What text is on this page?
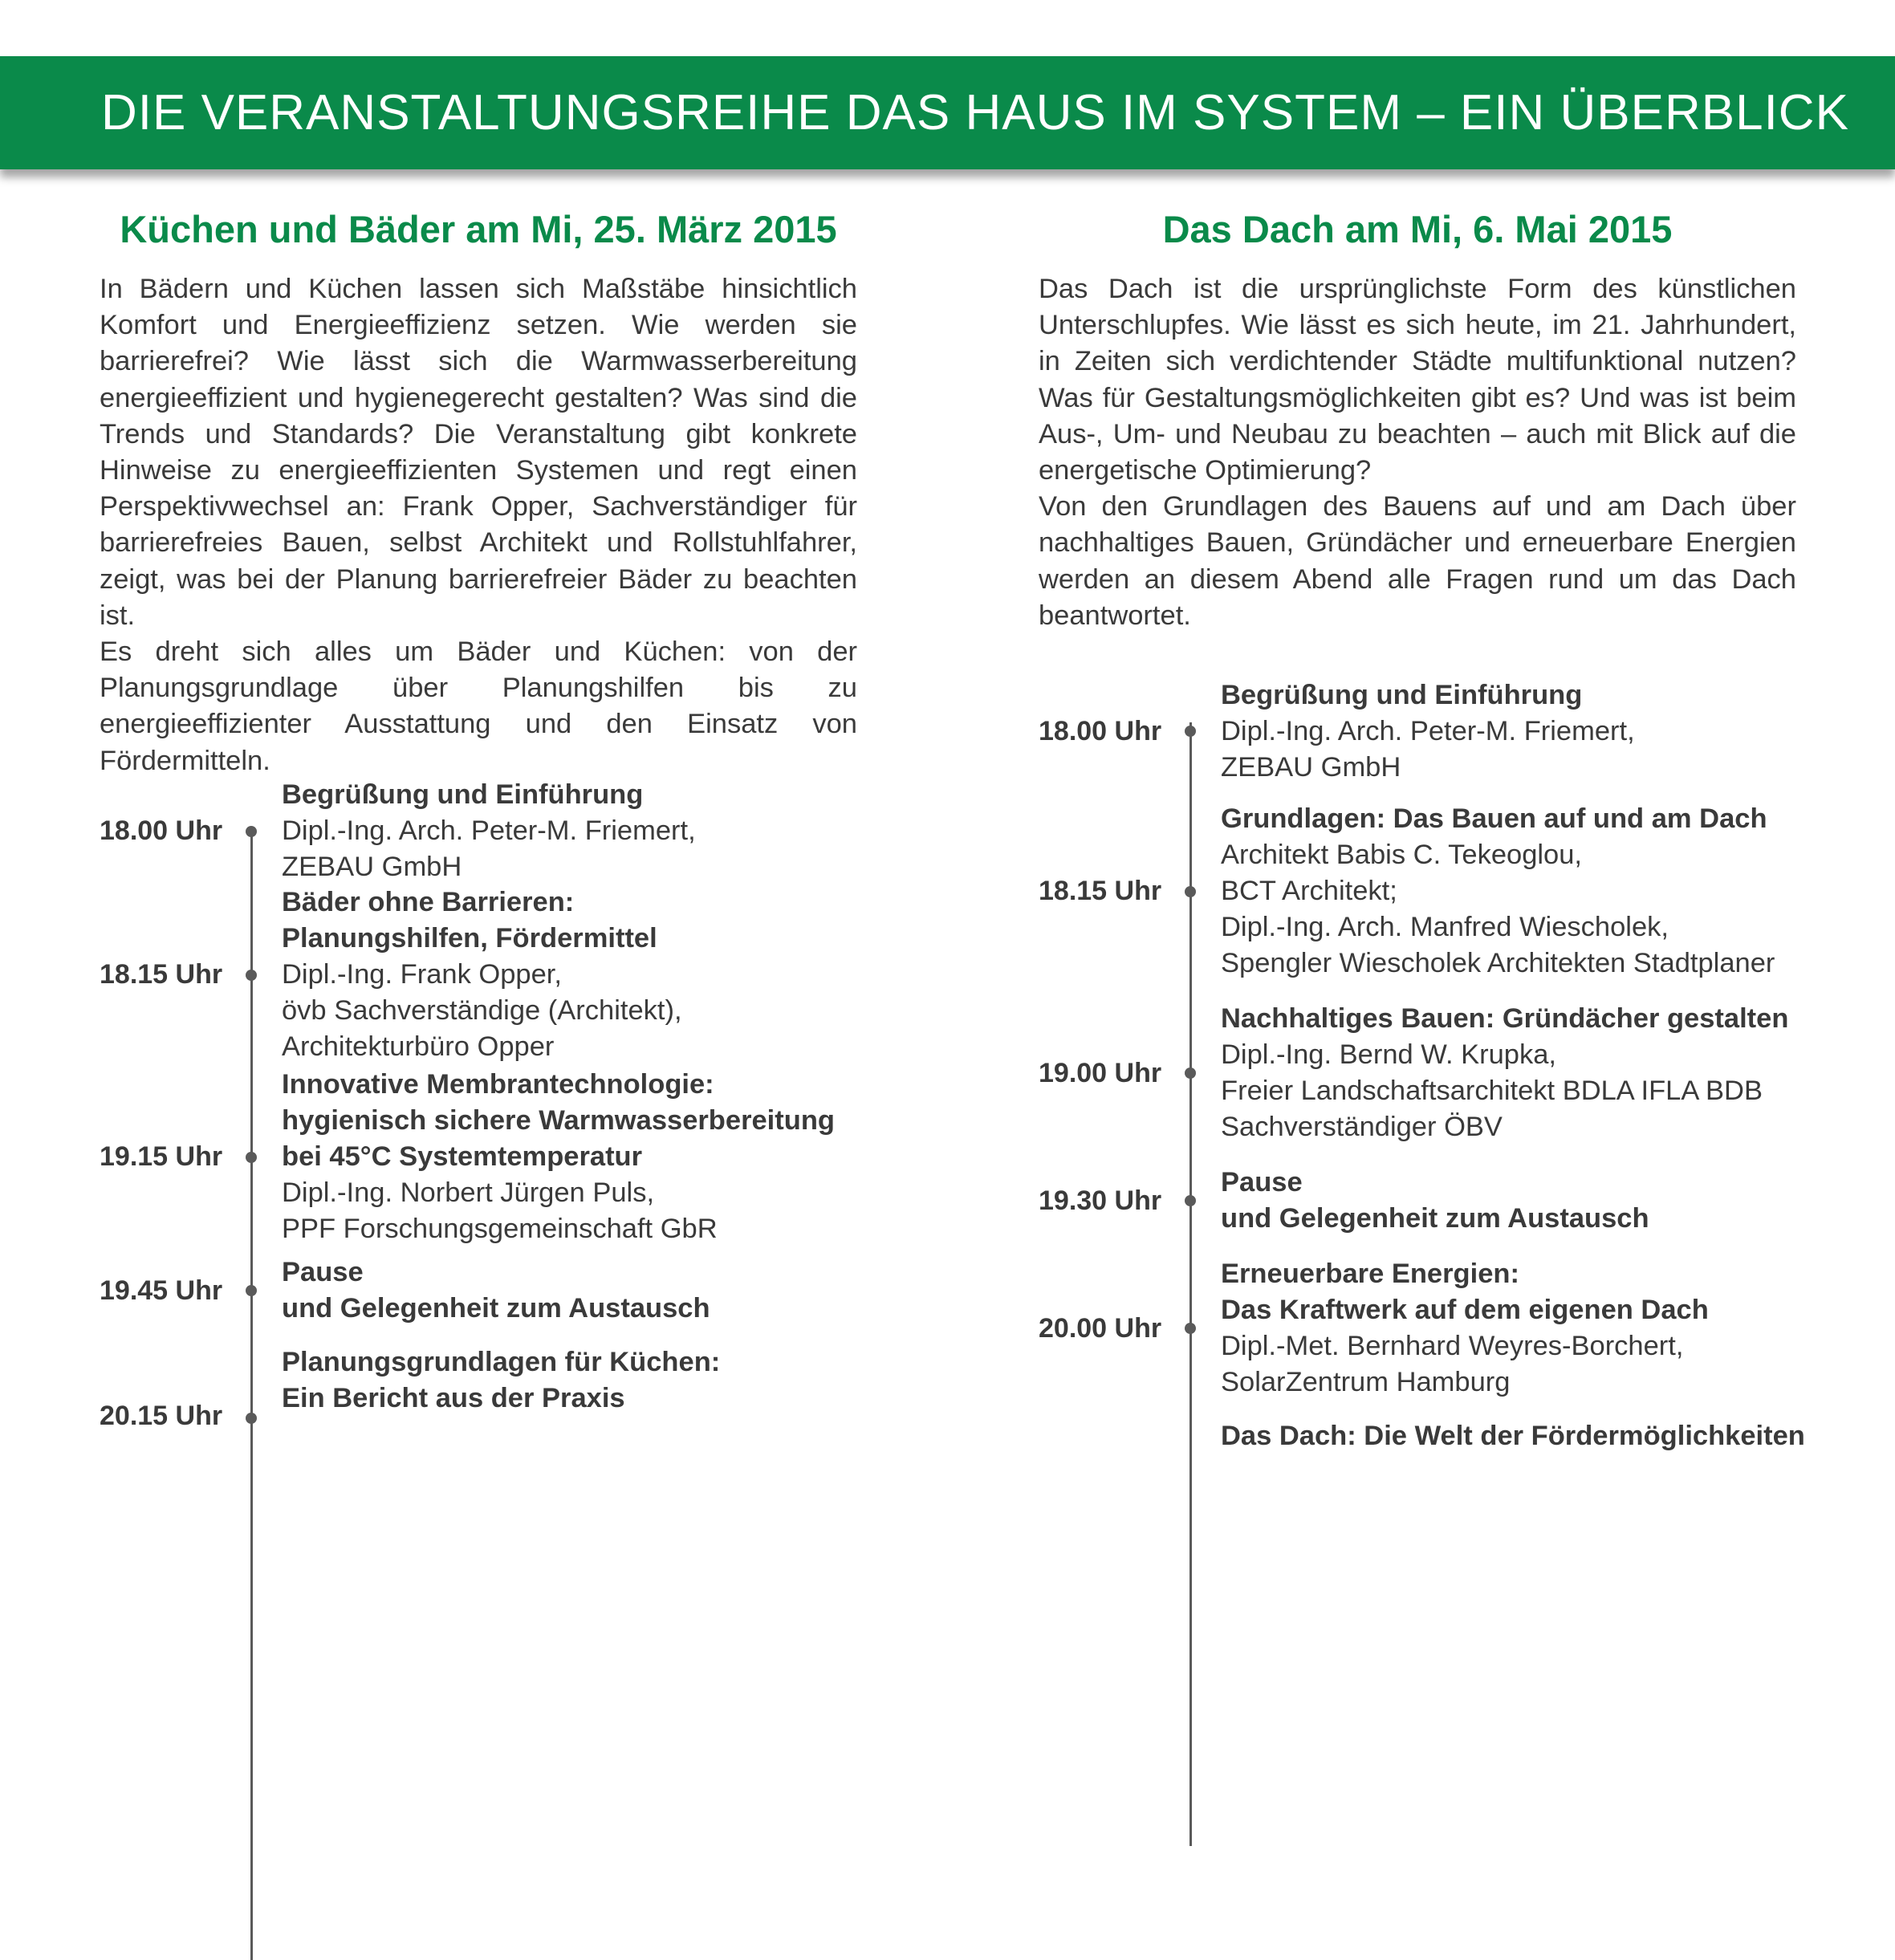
DIE VERANSTALTUNGSREIHE DAS HAUS IM SYSTEM – EIN ÜBERBLICK
Küchen und Bäder am Mi, 25. März 2015

In Bädern und Küchen lassen sich Maßstäbe hinsichtlich Komfort und Energieeffizienz setzen. Wie werden sie barrierefrei? Wie lässt sich die Warmwasserbereitung energieeffizient und hygienegerecht gestalten? Was sind die Trends und Standards? Die Veranstaltung gibt konkrete Hinweise zu energieeffizienten Systemen und regt einen Perspektivwechsel an: Frank Opper, Sachverständiger für barrierefreies Bauen, selbst Architekt und Rollstuhlfahrer, zeigt, was bei der Planung barrierefreier Bäder zu beachten ist.

Es dreht sich alles um Bäder und Küchen: von der Planungsgrundlage über Planungshilfen bis zu energieeffizienter Ausstattung und den Einsatz von Fördermitteln.

18.00 Uhr
Begrüßung und Einführung
Dipl.-Ing. Arch. Peter-M. Friemert,
ZEBAU GmbH
18.15 Uhr
Bäder ohne Barrieren:
Planungshilfen, Fördermittel
Dipl.-Ing. Frank Opper,
övb Sachverständige (Architekt),
Architekturbüro Opper
19.15 Uhr
Innovative Membrantechnologie:
hygienisch sichere Warmwasserbereitung
bei 45°C Systemtemperatur
Dipl.-Ing. Norbert Jürgen Puls,
PPF Forschungsgemeinschaft GbR
19.45 Uhr
Pause
und Gelegenheit zum Austausch
20.15 Uhr
Planungsgrundlagen für Küchen:
Ein Bericht aus der Praxis
Das Dach am Mi, 6. Mai 2015

Das Dach ist die ursprünglichste Form des künstlichen Unterschlupfes. Wie lässt es sich heute, im 21. Jahrhundert, in Zeiten sich verdichtender Städte multifunktional nutzen? Was für Gestaltungsmöglichkeiten gibt es? Und was ist beim Aus-, Um- und Neubau zu beachten – auch mit Blick auf die energetische Optimierung?

Von den Grundlagen des Bauens auf und am Dach über nachhaltiges Bauen, Gründächer und erneuerbare Energien werden an diesem Abend alle Fragen rund um das Dach beantwortet.

18.00 Uhr
Begrüßung und Einführung
Dipl.-Ing. Arch. Peter-M. Friemert,
ZEBAU GmbH
18.15 Uhr
Grundlagen: Das Bauen auf und am Dach
Architekt Babis C. Tekeoglou,
BCT Architekt;
Dipl.-Ing. Arch. Manfred Wiescholek,
Spengler Wiescholek Architekten Stadtplaner
19.00 Uhr
Nachhaltiges Bauen: Gründächer gestalten
Dipl.-Ing. Bernd W. Krupka,
Freier Landschaftsarchitekt BDLA IFLA BDB
Sachverständiger ÖBV
19.30 Uhr
Pause
und Gelegenheit zum Austausch
20.00 Uhr
Erneuerbare Energien:
Das Kraftwerk auf dem eigenen Dach
Dipl.-Met. Bernhard Weyres-Borchert,
SolarZentrum Hamburg
Das Dach: Die Welt der Fördermöglichkeiten
